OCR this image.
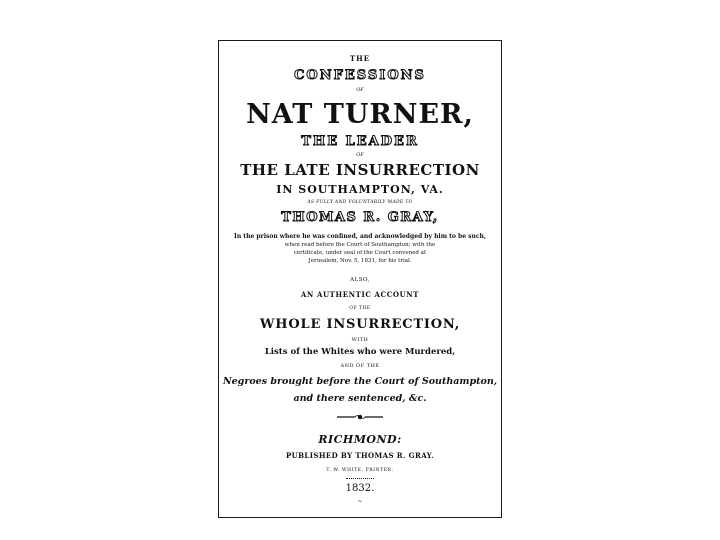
THE
CONFESSIONS
OF
NAT TURNER,
THE LEADER
OF
THE LATE INSURRECTION
IN SOUTHAMPTON, VA.
AS FULLY AND VOLUNTARILY MADE TO
THOMAS R. GRAY,
In the prison where he was confined, and acknowledged by him to be such,
when read before the Court of Southampton; with the
certificate, under seal of the Court convened at
Jerusalem, Nov. 5, 1831, for his trial.
ALSO,
AN AUTHENTIC ACCOUNT
OF THE
WHOLE INSURRECTION,
WITH
Lists of the Whites who were Murdered,
AND OF THE
Negroes brought before the Court of Southampton,
and there sentenced, &c.
RICHMOND:
PUBLISHED BY THOMAS R. GRAY.
T. W. WHITE, PRINTER.
1832.
~
